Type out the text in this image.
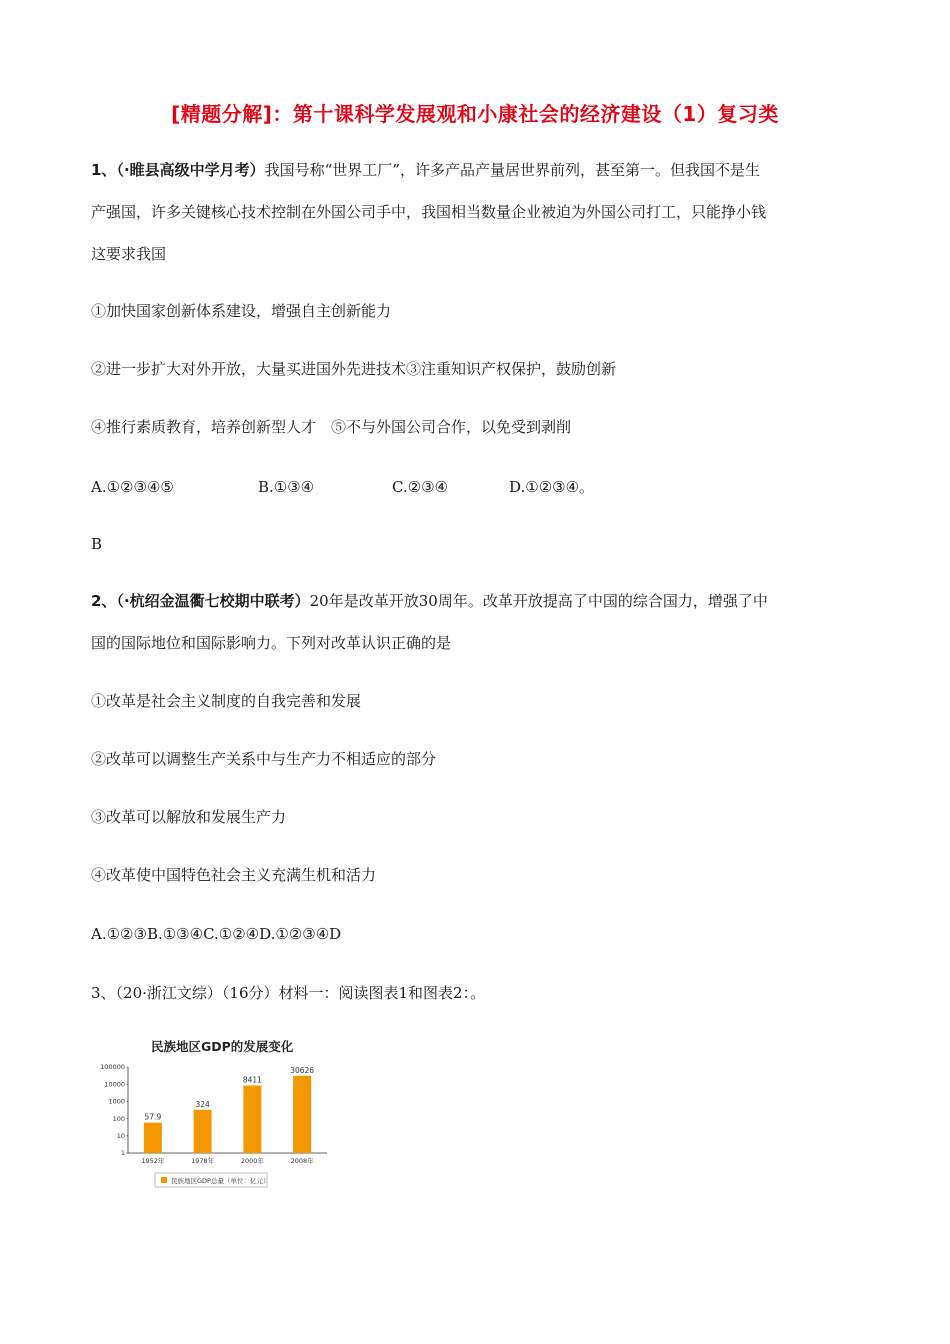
[精题分解]：第十课科学发展观和小康社会的经济建设（1）复习类

1、（·睢县高级中学月考）我国号称“世界工厂”，许多产品产量居世界前列，甚至第一。但我国不是生
产强国，许多关键核心技术控制在外国公司手中，我国相当数量企业被迫为外国公司打工，只能挣小钱
这要求我国

①加快国家创新体系建设，增强自主创新能力

②进一步扩大对外开放，大量买进国外先进技术③注重知识产权保护，鼓励创新

④推行素质教育，培养创新型人才　⑤不与外国公司合作，以免受到剥削

A.①②③④⑤	B.①③④	C.②③④	D.①②③④。

B

2、（·杭绍金温衢七校期中联考）20年是改革开放30周年。改革开放提高了中国的综合国力，增强了中
国的国际地位和国际影响力。下列对改革认识正确的是

①改革是社会主义制度的自我完善和发展

②改革可以调整生产关系中与生产力不相适应的部分

③改革可以解放和发展生产力

④改革使中国特色社会主义充满生机和活力

A.①②③B.①③④C.①②④D.①②③④D

3、（20·浙江文综）（16分）材料一：阅读图表1和图表2：。

民族地区GDP的发展变化
100000
10000
1000
100
10
1
57.9
324
8411
30626
1952年	1978年	2000年	2008年
民族地区GDP总量（单位：亿元）
